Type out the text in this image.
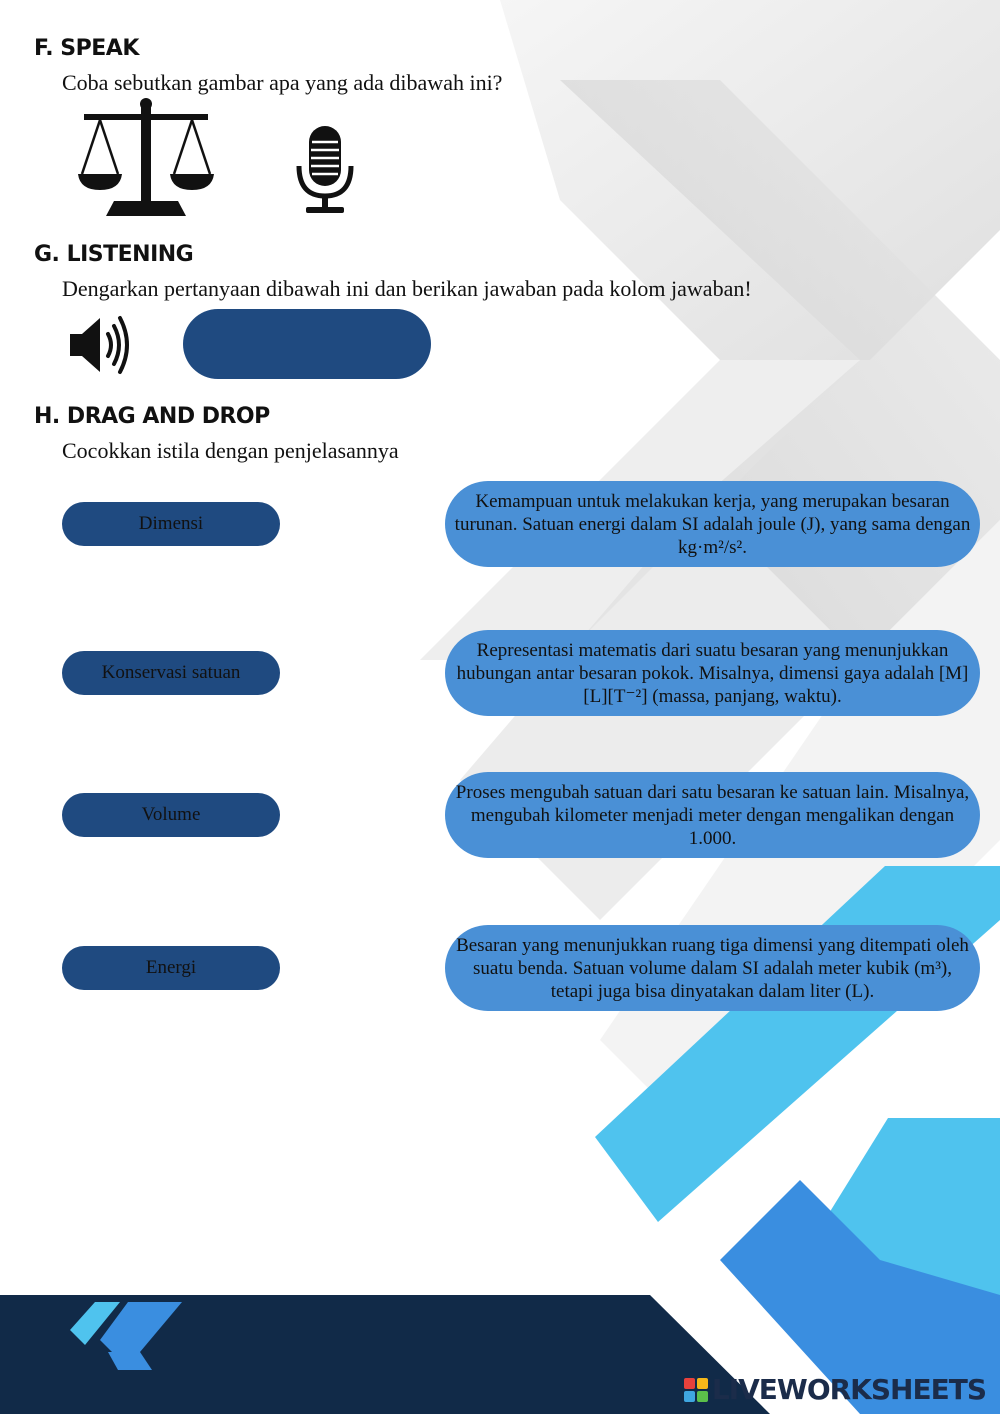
F. SPEAK
Coba sebutkan gambar apa yang ada dibawah ini?
G. LISTENING
Dengarkan pertanyaan dibawah ini dan berikan jawaban pada kolom jawaban!
H. DRAG AND DROP
Cocokkan istila dengan penjelasannya
Dimensi
Konservasi satuan
Volume
Energi
Kemampuan untuk melakukan kerja, yang merupakan besaran turunan. Satuan energi dalam SI adalah joule (J), yang sama dengan kg·m²/s².
Representasi matematis dari suatu besaran yang menunjukkan hubungan antar besaran pokok. Misalnya, dimensi gaya adalah [M][L][T⁻²] (massa, panjang, waktu).
Proses mengubah satuan dari satu besaran ke satuan lain. Misalnya, mengubah kilometer menjadi meter dengan mengalikan dengan 1.000.
Besaran yang menunjukkan ruang tiga dimensi yang ditempati oleh suatu benda. Satuan volume dalam SI adalah meter kubik (m³), tetapi juga bisa dinyatakan dalam liter (L).
LIVEWORKSHEETS
